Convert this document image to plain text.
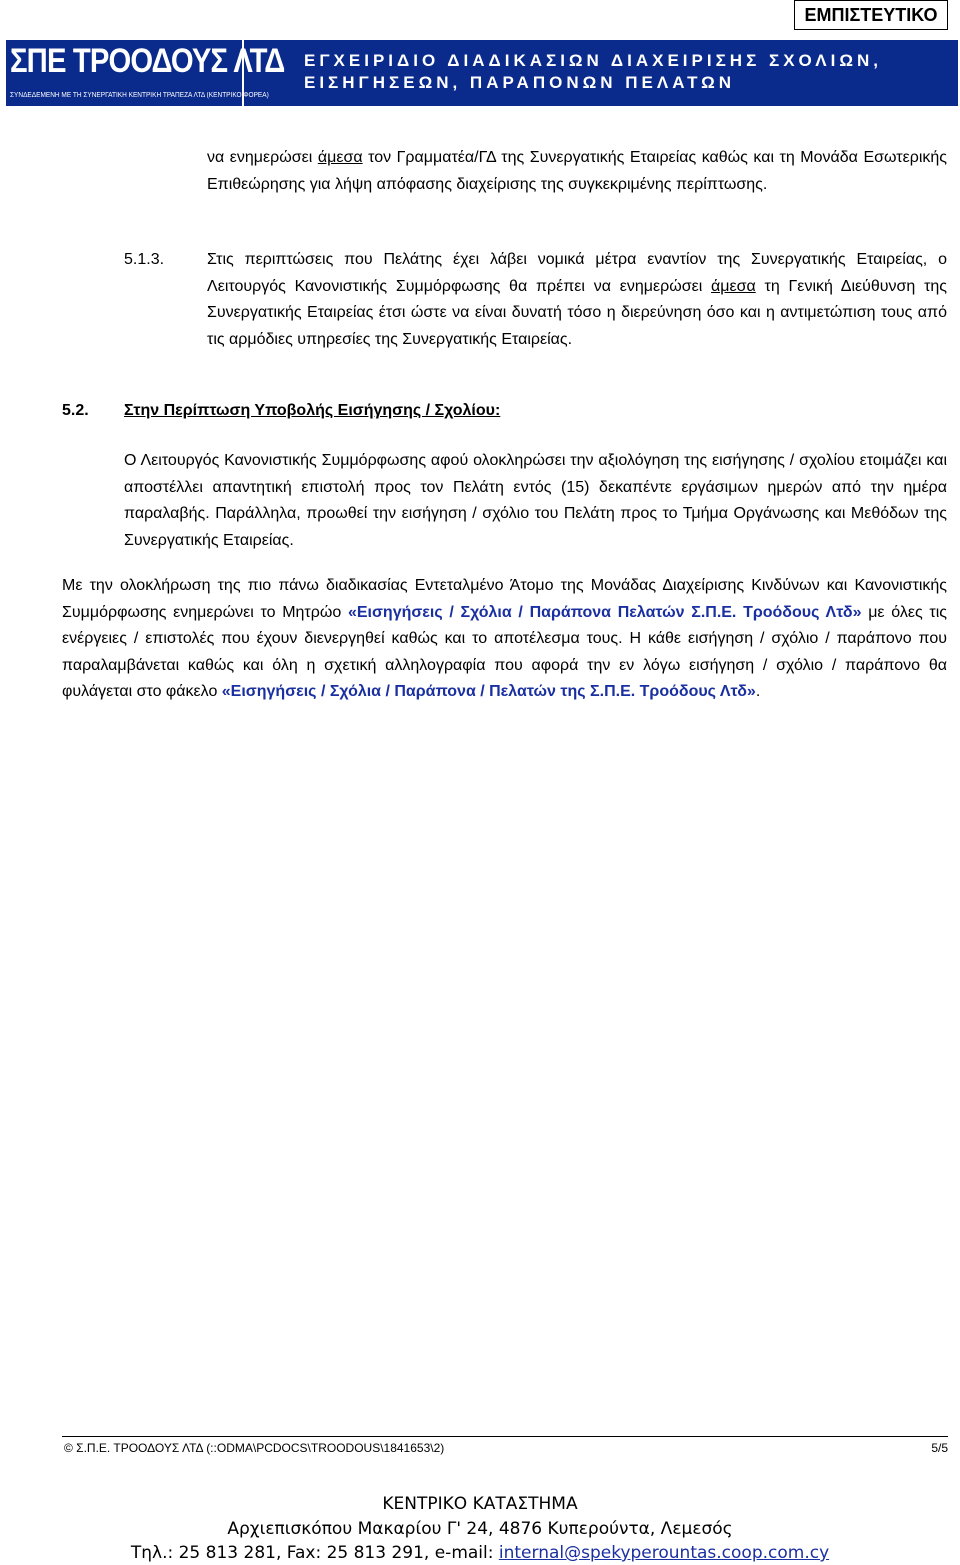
ΕΜΠΙΣΤΕΥΤΙΚΟ
ΣΠΕ ΤΡΟΟΔΟΥΣ ΛΤΔ
ΣΥΝΔΕΔΕΜΕΝΗ ΜΕ ΤΗ ΣΥΝΕΡΓΑΤΙΚΗ ΚΕΝΤΡΙΚΗ ΤΡΑΠΕΖΑ ΛΤΔ (ΚΕΝΤΡΙΚΟ ΦΟΡΕΑ)
ΕΓΧΕΙΡΙΔΙΟ ΔΙΑΔΙΚΑΣΙΩΝ ΔΙΑΧΕΙΡΙΣΗΣ ΣΧΟΛΙΩΝ,
ΕΙΣΗΓΗΣΕΩΝ, ΠΑΡΑΠΟΝΩΝ ΠΕΛΑΤΩΝ
να ενημερώσει άμεσα τον Γραμματέα/ΓΔ της Συνεργατικής Εταιρείας καθώς και τη Μονάδα Εσωτερικής Επιθεώρησης για λήψη απόφασης διαχείρισης της συγκεκριμένης περίπτωσης.
5.1.3.	Στις περιπτώσεις που Πελάτης έχει λάβει νομικά μέτρα εναντίον της Συνεργατικής Εταιρείας, ο Λειτουργός Κανονιστικής Συμμόρφωσης θα πρέπει να ενημερώσει άμεσα τη Γενική Διεύθυνση της Συνεργατικής Εταιρείας έτσι ώστε να είναι δυνατή τόσο η διερεύνηση όσο και η αντιμετώπιση τους από τις αρμόδιες υπηρεσίες της Συνεργατικής Εταιρείας.
5.2. Στην Περίπτωση Υποβολής Εισήγησης / Σχολίου:
Ο Λειτουργός Κανονιστικής Συμμόρφωσης αφού ολοκληρώσει την αξιολόγηση της εισήγησης / σχολίου ετοιμάζει και αποστέλλει απαντητική επιστολή προς τον Πελάτη εντός (15) δεκαπέντε εργάσιμων ημερών από την ημέρα παραλαβής. Παράλληλα, προωθεί την εισήγηση / σχόλιο του Πελάτη προς το Τμήμα Οργάνωσης και Μεθόδων της Συνεργατικής Εταιρείας.
Με την ολοκλήρωση της πιο πάνω διαδικασίας Εντεταλμένο Άτομο της Μονάδας Διαχείρισης Κινδύνων και Κανονιστικής Συμμόρφωσης ενημερώνει το Μητρώο «Εισηγήσεις / Σχόλια / Παράπονα Πελατών Σ.Π.Ε. Τροόδους Λτδ» με όλες τις ενέργειες / επιστολές που έχουν διενεργηθεί καθώς και το αποτέλεσμα τους. Η κάθε εισήγηση / σχόλιο / παράπονο που παραλαμβάνεται καθώς και όλη η σχετική αλληλογραφία που αφορά την εν λόγω εισήγηση / σχόλιο / παράπονο θα φυλάγεται στο φάκελο «Εισηγήσεις / Σχόλια / Παράπονα / Πελατών της Σ.Π.Ε. Τροόδους Λτδ».
© Σ.Π.Ε. ΤΡΟΟΔΟΥΣ ΛΤΔ (::ODMA\PCDOCS\TROODOUS\1841653\2)	5/5
ΚΕΝΤΡΙΚΟ ΚΑΤΑΣΤΗΜΑ
Αρχιεπισκόπου Μακαρίου Γ' 24, 4876 Κυπερούντα, Λεμεσός
Τηλ.: 25 813 281, Fax: 25 813 291, e-mail: internal@spekyperountas.coop.com.cy
